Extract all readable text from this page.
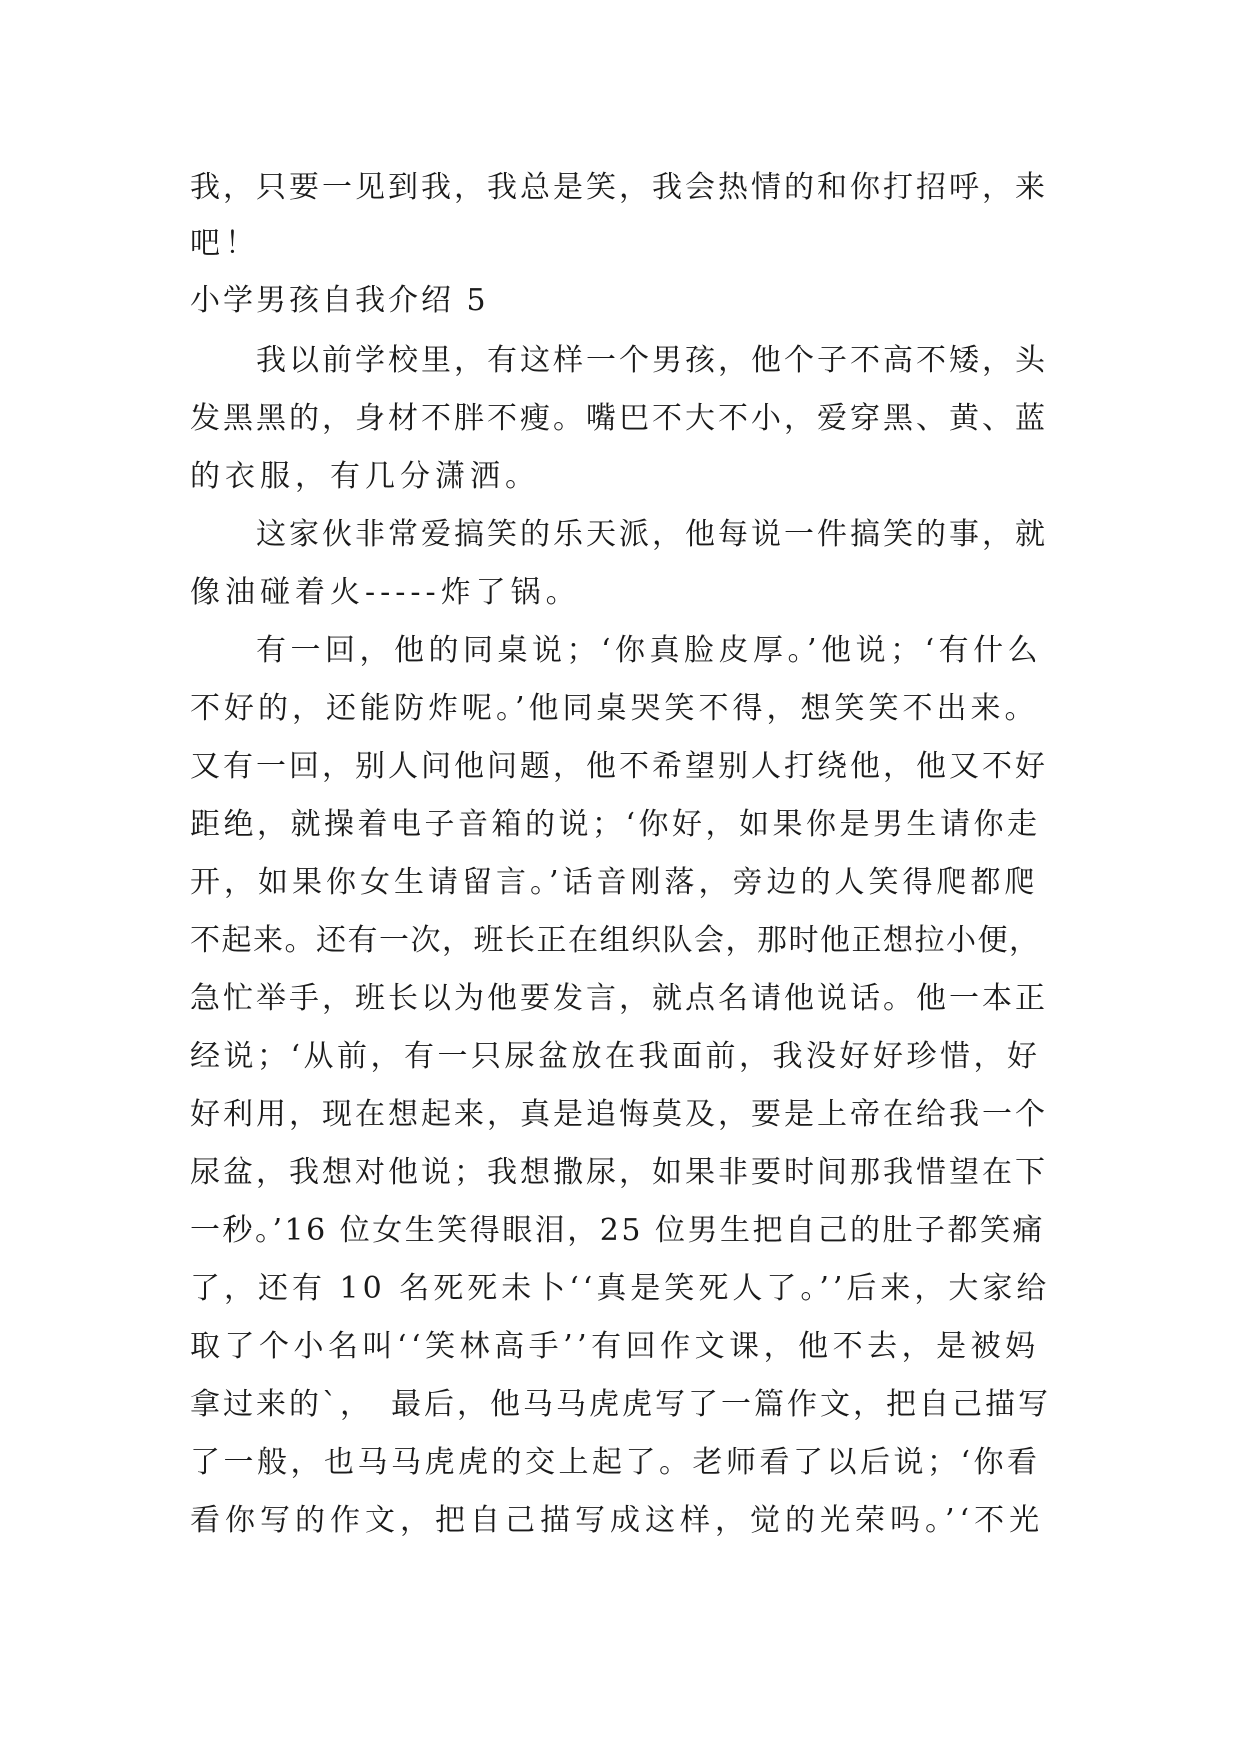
我，只要一见到我，我总是笑，我会热情的和你打招呼，来
吧！
小学男孩自我介绍 5
我以前学校里，有这样一个男孩，他个子不高不矮，头
发黑黑的，身材不胖不瘦。嘴巴不大不小，爱穿黑、黄、蓝
的衣服，有几分潇洒。
这家伙非常爱搞笑的乐天派，他每说一件搞笑的事，就
像油碰着火-----炸了锅。
有一回，他的同桌说；‘你真脸皮厚。’他说；‘有什么
不好的，还能防炸呢。’他同桌哭笑不得，想笑笑不出来。
又有一回，别人问他问题，他不希望别人打绕他，他又不好
距绝，就操着电子音箱的说；‘你好，如果你是男生请你走
开，如果你女生请留言。’话音刚落，旁边的人笑得爬都爬
不起来。还有一次，班长正在组织队会，那时他正想拉小便，
急忙举手，班长以为他要发言，就点名请他说话。他一本正
经说；‘从前，有一只尿盆放在我面前，我没好好珍惜，好
好利用，现在想起来，真是追悔莫及，要是上帝在给我一个
尿盆，我想对他说；我想撒尿，如果非要时间那我惜望在下
一秒。’16 位女生笑得眼泪，25 位男生把自己的肚子都笑痛
了，还有 10 名死死未卜‘‘真是笑死人了。’’后来，大家给
取了个小名叫‘‘笑林高手’’有回作文课，他不去，是被妈
拿过来的`，　最后，他马马虎虎写了一篇作文，把自己描写
了一般，也马马虎虎的交上起了。老师看了以后说；‘你看
看你写的作文，把自己描写成这样，觉的光荣吗。’‘不光
